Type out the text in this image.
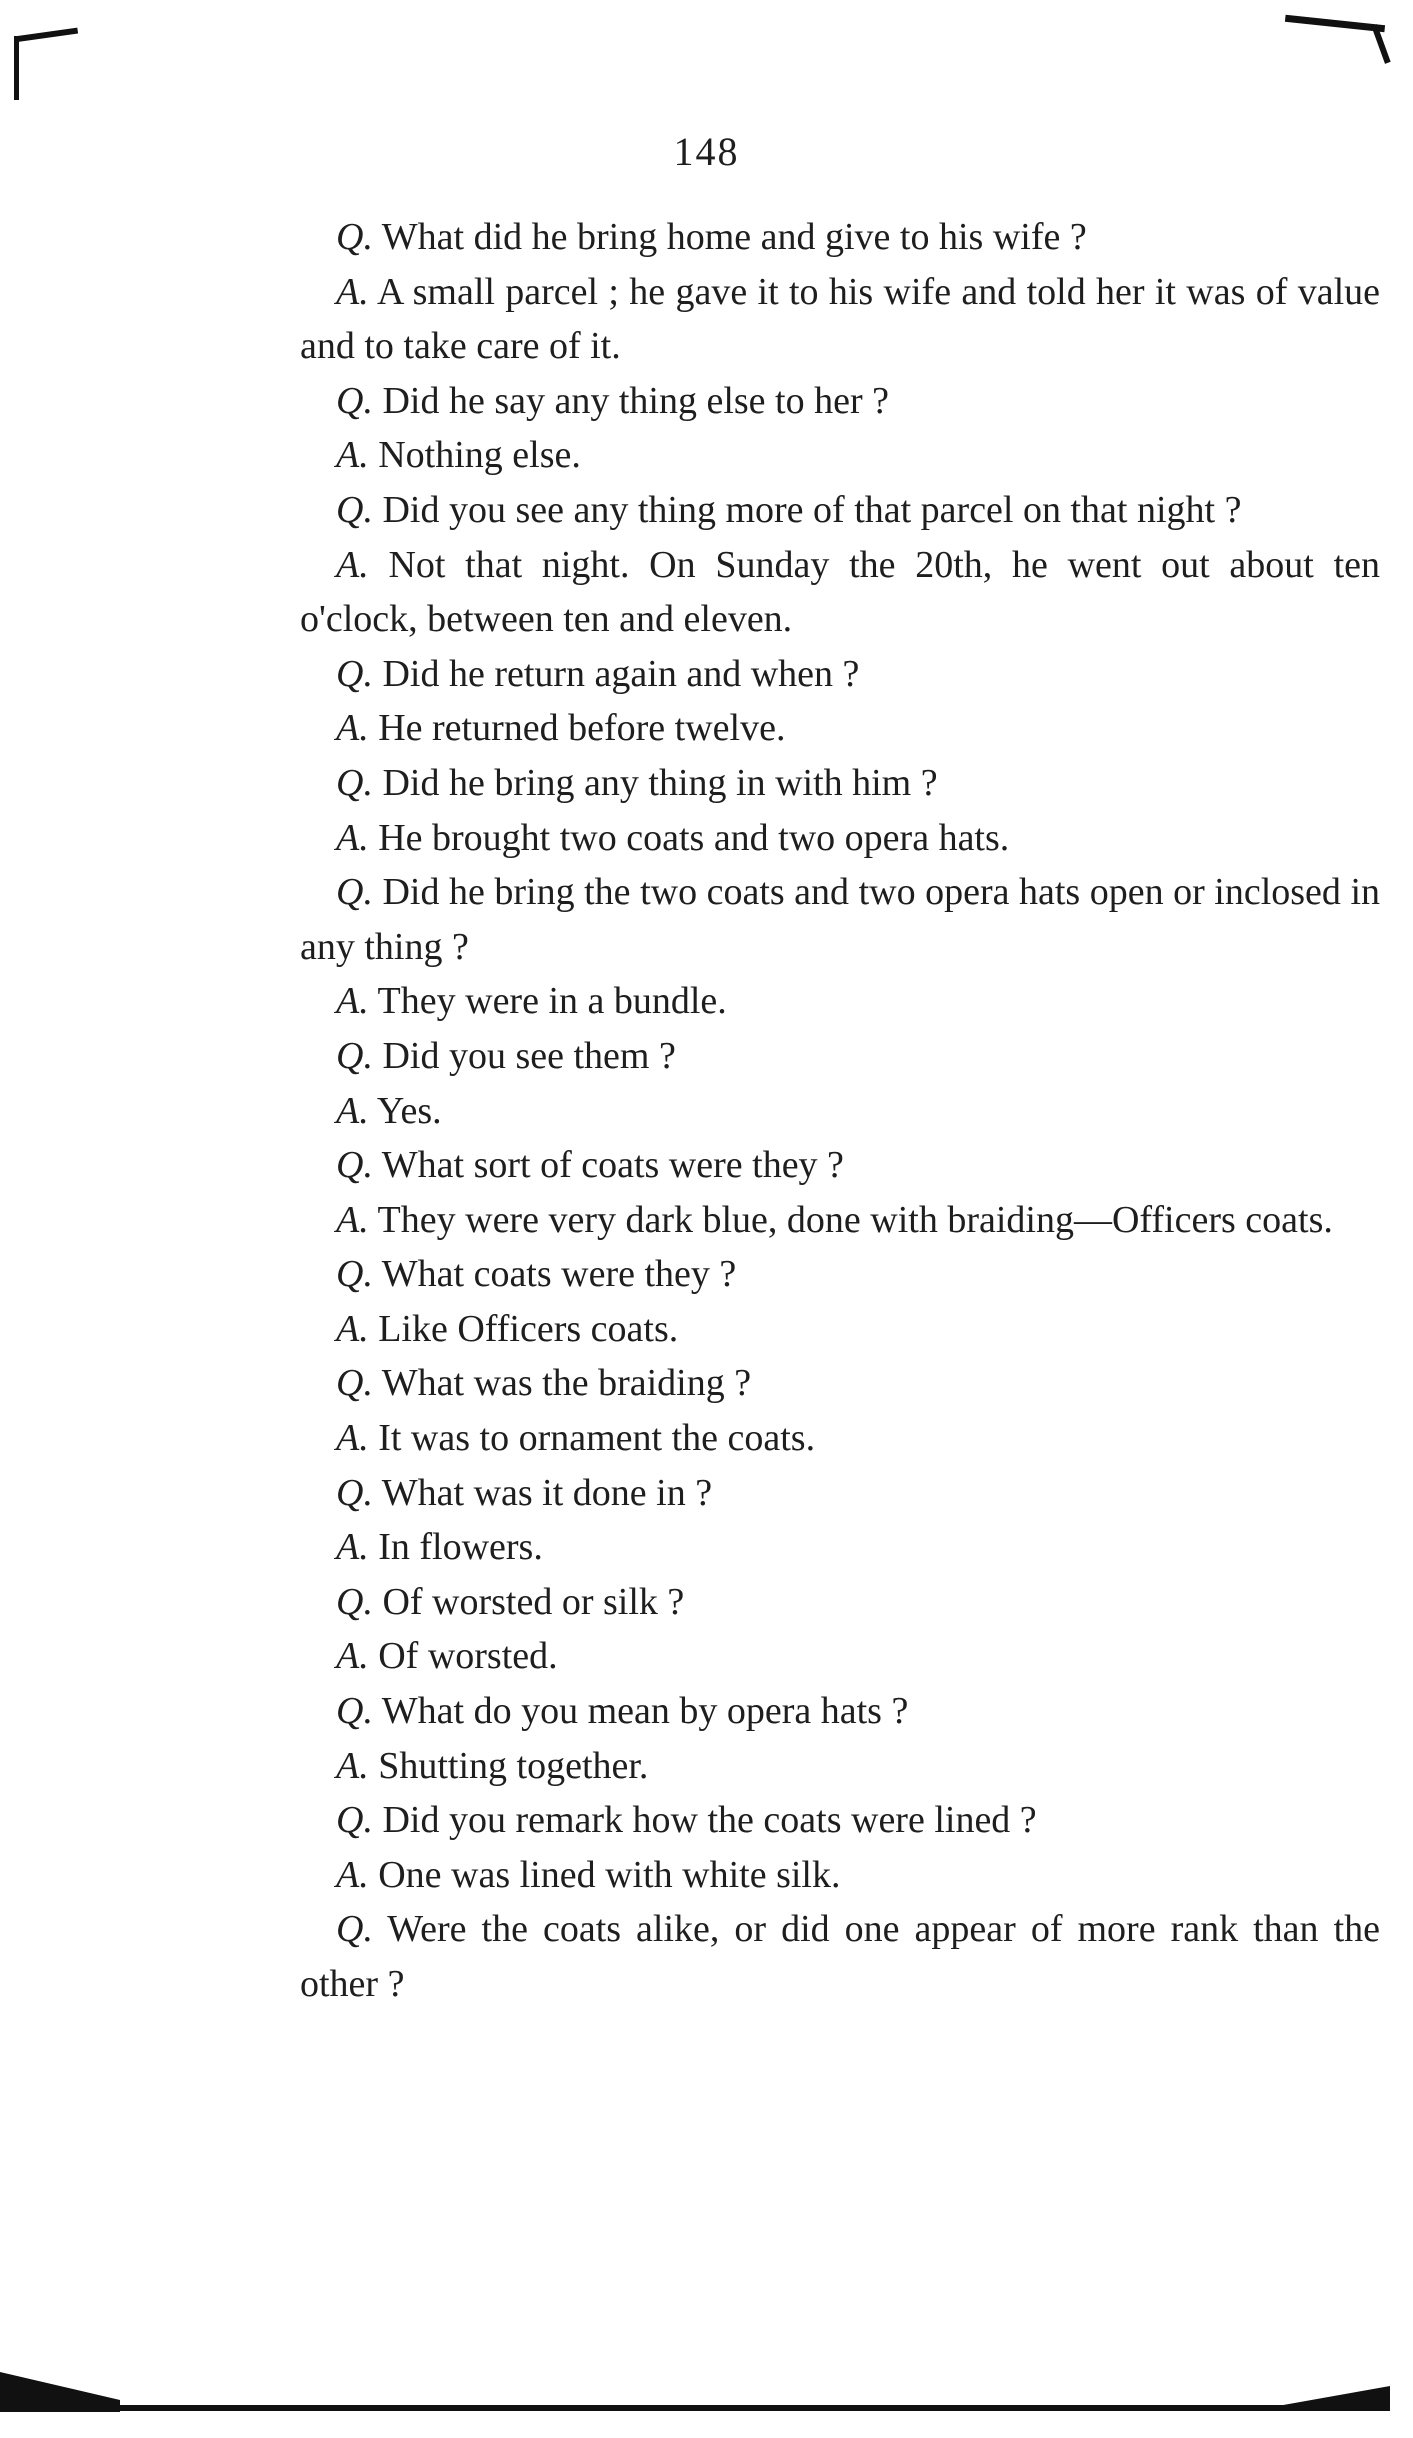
148

Q. What did he bring home and give to his wife ?

A. A small parcel ; he gave it to his wife and told her it was of value and to take care of it.

Q. Did he say any thing else to her ?

A. Nothing else.

Q. Did you see any thing more of that parcel on that night ?

A. Not that night. On Sunday the 20th, he went out about ten o'clock, between ten and eleven.

Q. Did he return again and when ?

A. He returned before twelve.

Q. Did he bring any thing in with him ?

A. He brought two coats and two opera hats.

Q. Did he bring the two coats and two opera hats open or inclosed in any thing ?

A. They were in a bundle.

Q. Did you see them ?

A. Yes.

Q. What sort of coats were they ?

A. They were very dark blue, done with braiding—Officers coats.

Q. What coats were they ?

A. Like Officers coats.

Q. What was the braiding ?

A. It was to ornament the coats.

Q. What was it done in ?

A. In flowers.

Q. Of worsted or silk ?

A. Of worsted.

Q. What do you mean by opera hats ?

A. Shutting together.

Q. Did you remark how the coats were lined ?

A. One was lined with white silk.

Q. Were the coats alike, or did one appear of more rank than the other ?
